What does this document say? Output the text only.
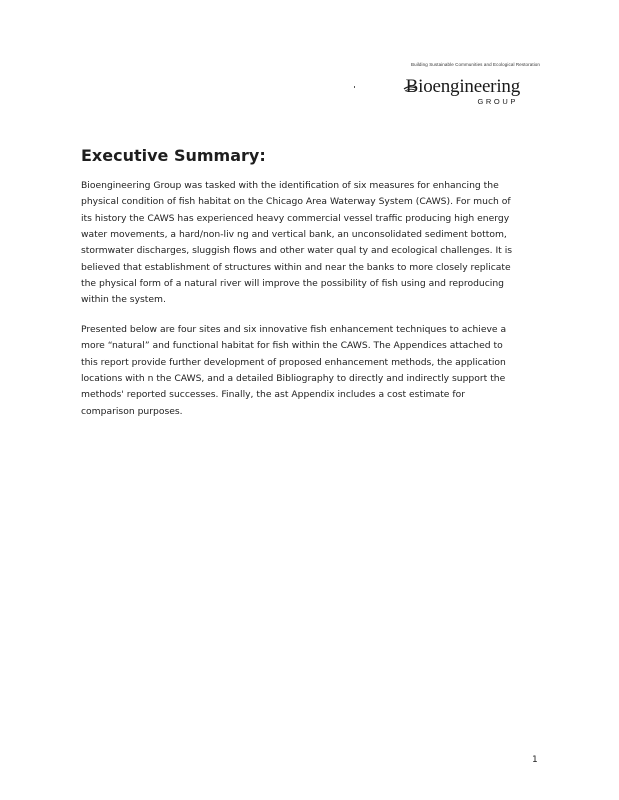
Building Sustainable Communities and Ecological Restoration
Bioengineering
GROUP
Executive Summary:

Bioengineering Group was tasked with the identification of six measures for enhancing the
physical condition of fish habitat on the Chicago Area Waterway System (CAWS). For much of
its history the CAWS has experienced heavy commercial vessel traffic producing high energy
water movements, a hard/non-liv ng and vertical bank, an unconsolidated sediment bottom,
stormwater discharges, sluggish flows and other water qual ty and ecological challenges. It is
believed that establishment of structures within and near the banks to more closely replicate
the physical form of a natural river will improve the possibility of fish using and reproducing
within the system.

Presented below are four sites and six innovative fish enhancement techniques to achieve a
more “natural” and functional habitat for fish within the CAWS. The Appendices attached to
this report provide further development of proposed enhancement methods, the application
locations with n the CAWS, and a detailed Bibliography to directly and indirectly support the
methods' reported successes. Finally, the ast Appendix includes a cost estimate for
comparison purposes.

1
